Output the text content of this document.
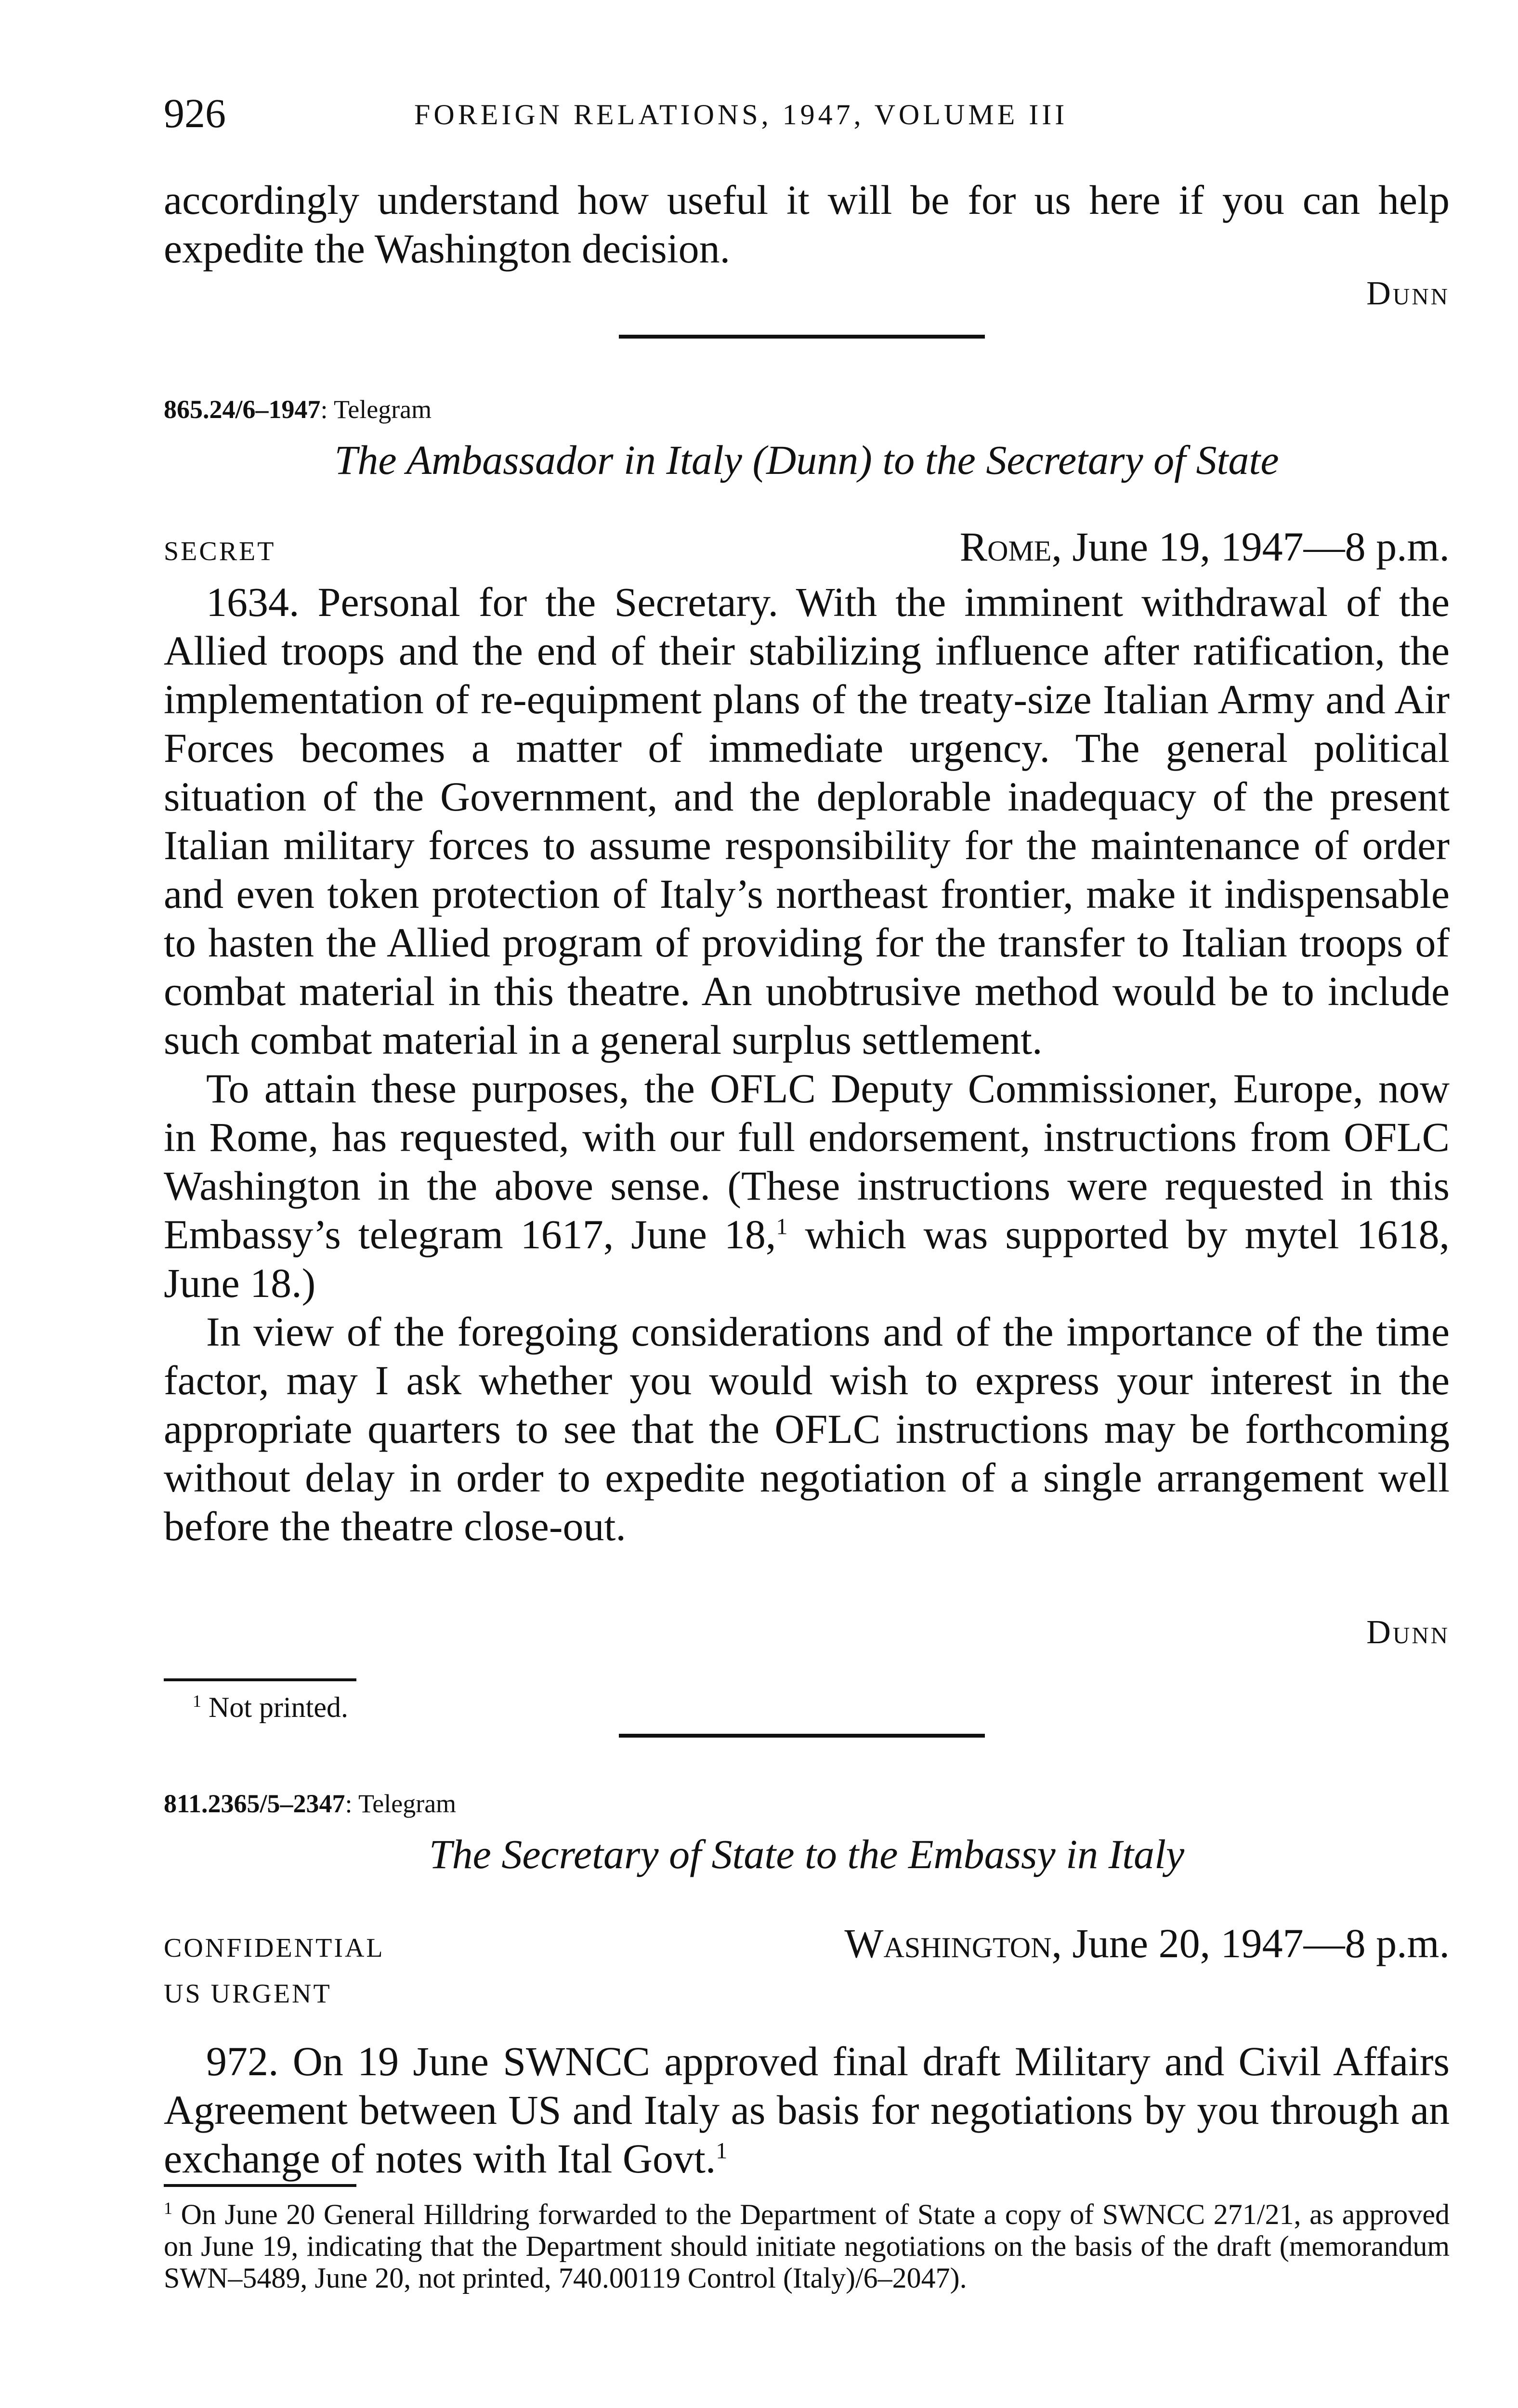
926	FOREIGN RELATIONS, 1947, VOLUME III

accordingly understand how useful it will be for us here if you can help expedite the Washington decision.

Dunn
865.24/6–1947: Telegram
The Ambassador in Italy (Dunn) to the Secretary of State
SECRET	Rome, June 19, 1947—8 p.m.

1634. Personal for the Secretary. With the imminent withdrawal of the Allied troops and the end of their stabilizing influence after ratification, the implementation of re-equipment plans of the treaty-size Italian Army and Air Forces becomes a matter of immediate urgency. The general political situation of the Government, and the deplorable inadequacy of the present Italian military forces to assume responsibility for the maintenance of order and even token protection of Italy’s northeast frontier, make it indispensable to hasten the Allied program of providing for the transfer to Italian troops of combat material in this theatre. An unobtrusive method would be to include such combat material in a general surplus settlement.

To attain these purposes, the OFLC Deputy Commissioner, Europe, now in Rome, has requested, with our full endorsement, instructions from OFLC Washington in the above sense. (These instructions were requested in this Embassy’s telegram 1617, June 18,$^1$ which was supported by mytel 1618, June 18.)

In view of the foregoing considerations and of the importance of the time factor, may I ask whether you would wish to express your interest in the appropriate quarters to see that the OFLC instructions may be forthcoming without delay in order to expedite negotiation of a single arrangement well before the theatre close-out.

Dunn
$^1$ Not printed.
811.2365/5–2347: Telegram
The Secretary of State to the Embassy in Italy
CONFIDENTIAL
US URGENT
Washington, June 20, 1947—8 p.m.

972. On 19 June SWNCC approved final draft Military and Civil Affairs Agreement between US and Italy as basis for negotiations by you through an exchange of notes with Ital Govt.$^1$

$^1$ On June 20 General Hilldring forwarded to the Department of State a copy of SWNCC 271/21, as approved on June 19, indicating that the Department should initiate negotiations on the basis of the draft (memorandum SWN–5489, June 20, not printed, 740.00119 Control (Italy)/6–2047).
